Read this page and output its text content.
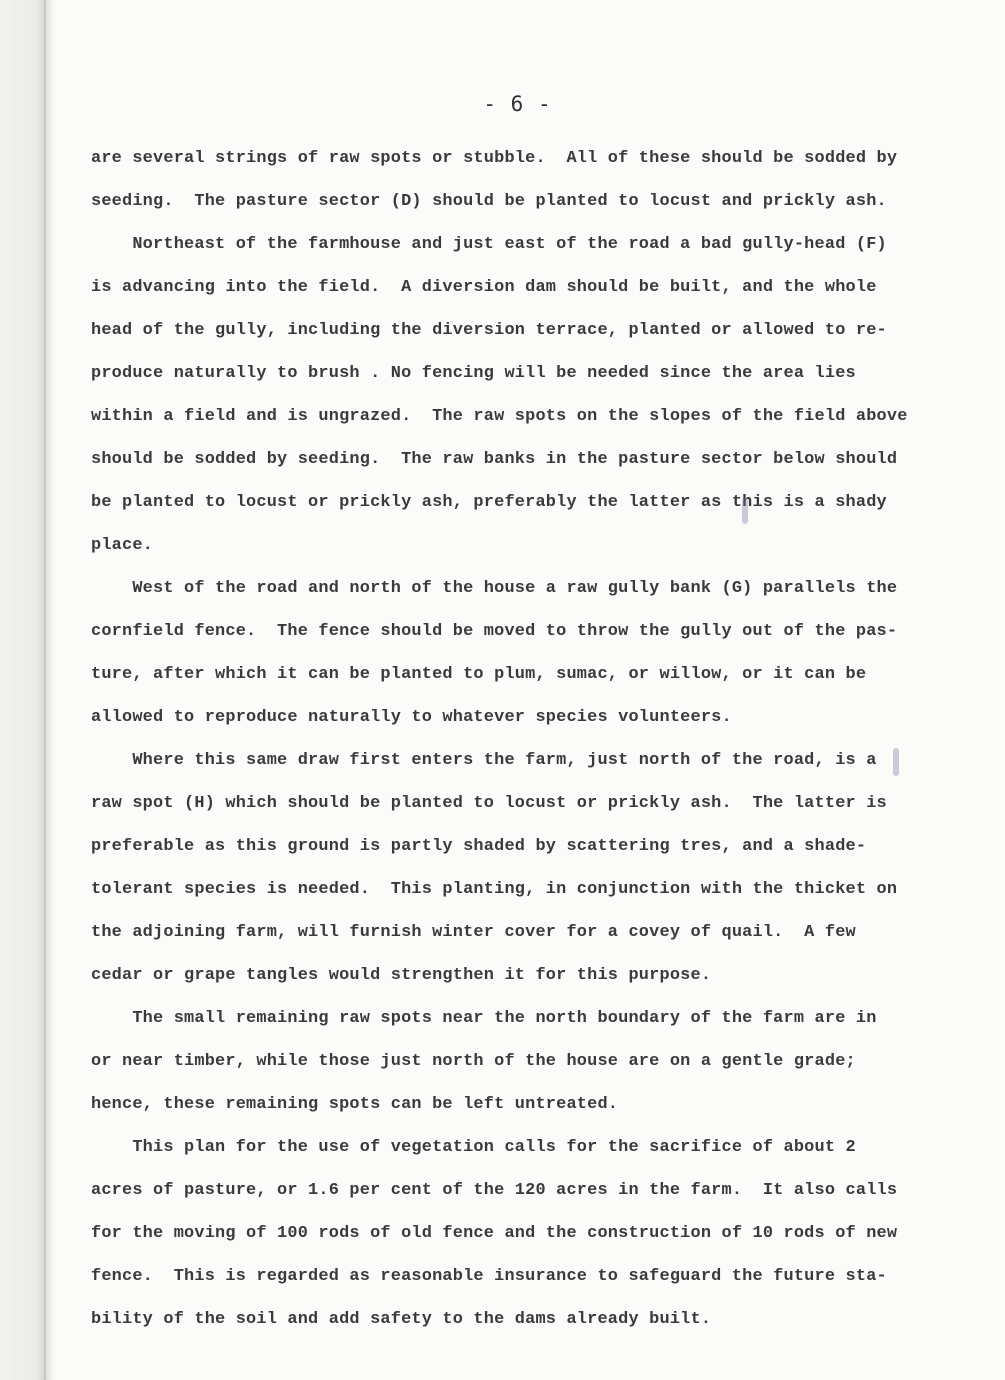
- 6 -
are several strings of raw spots or stubble.  All of these should be sodded by
seeding.  The pasture sector (D) should be planted to locust and prickly ash.
Northeast of the farmhouse and just east of the road a bad gully-head (F)
is advancing into the field.  A diversion dam should be built, and the whole
head of the gully, including the diversion terrace, planted or allowed to re-
produce naturally to brush . No fencing will be needed since the area lies
within a field and is ungrazed.  The raw spots on the slopes of the field above
should be sodded by seeding.  The raw banks in the pasture sector below should
be planted to locust or prickly ash, preferably the latter as this is a shady
place.
West of the road and north of the house a raw gully bank (G) parallels the
cornfield fence.  The fence should be moved to throw the gully out of the pas-
ture, after which it can be planted to plum, sumac, or willow, or it can be
allowed to reproduce naturally to whatever species volunteers.
Where this same draw first enters the farm, just north of the road, is a
raw spot (H) which should be planted to locust or prickly ash.  The latter is
preferable as this ground is partly shaded by scattering tres, and a shade-
tolerant species is needed.  This planting, in conjunction with the thicket on
the adjoining farm, will furnish winter cover for a covey of quail.  A few
cedar or grape tangles would strengthen it for this purpose.
The small remaining raw spots near the north boundary of the farm are in
or near timber, while those just north of the house are on a gentle grade;
hence, these remaining spots can be left untreated.
This plan for the use of vegetation calls for the sacrifice of about 2
acres of pasture, or 1.6 per cent of the 120 acres in the farm.  It also calls
for the moving of 100 rods of old fence and the construction of 10 rods of new
fence.  This is regarded as reasonable insurance to safeguard the future sta-
bility of the soil and add safety to the dams already built.
